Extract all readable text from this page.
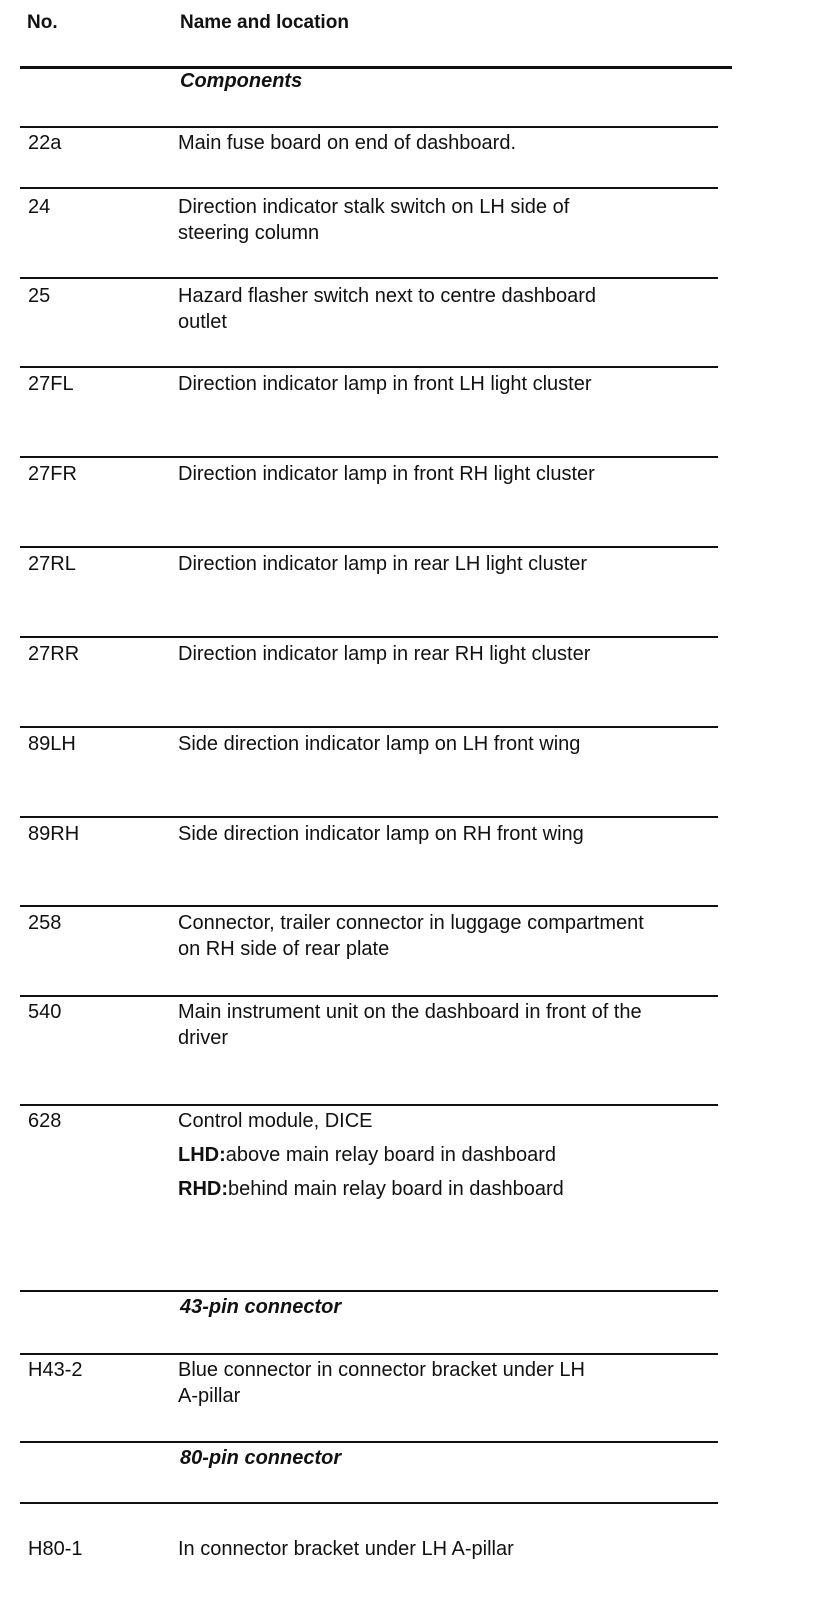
No.	Name and location
Components
22a	Main fuse board on end of dashboard.
24	Direction indicator stalk switch on LH side of steering column
25	Hazard flasher switch next to centre dashboard outlet
27FL	Direction indicator lamp in front LH light cluster
27FR	Direction indicator lamp in front RH light cluster
27RL	Direction indicator lamp in rear LH light cluster
27RR	Direction indicator lamp in rear RH light cluster
89LH	Side direction indicator lamp on LH front wing
89RH	Side direction indicator lamp on RH front wing
258	Connector, trailer connector in luggage compartment on RH side of rear plate
540	Main instrument unit on the dashboard in front of the driver
628	Control module, DICE
LHD:above main relay board in dashboard
RHD:behind main relay board in dashboard
43-pin connector
H43-2	Blue connector in connector bracket under LH A-pillar
80-pin connector
H80-1	In connector bracket under LH A-pillar
